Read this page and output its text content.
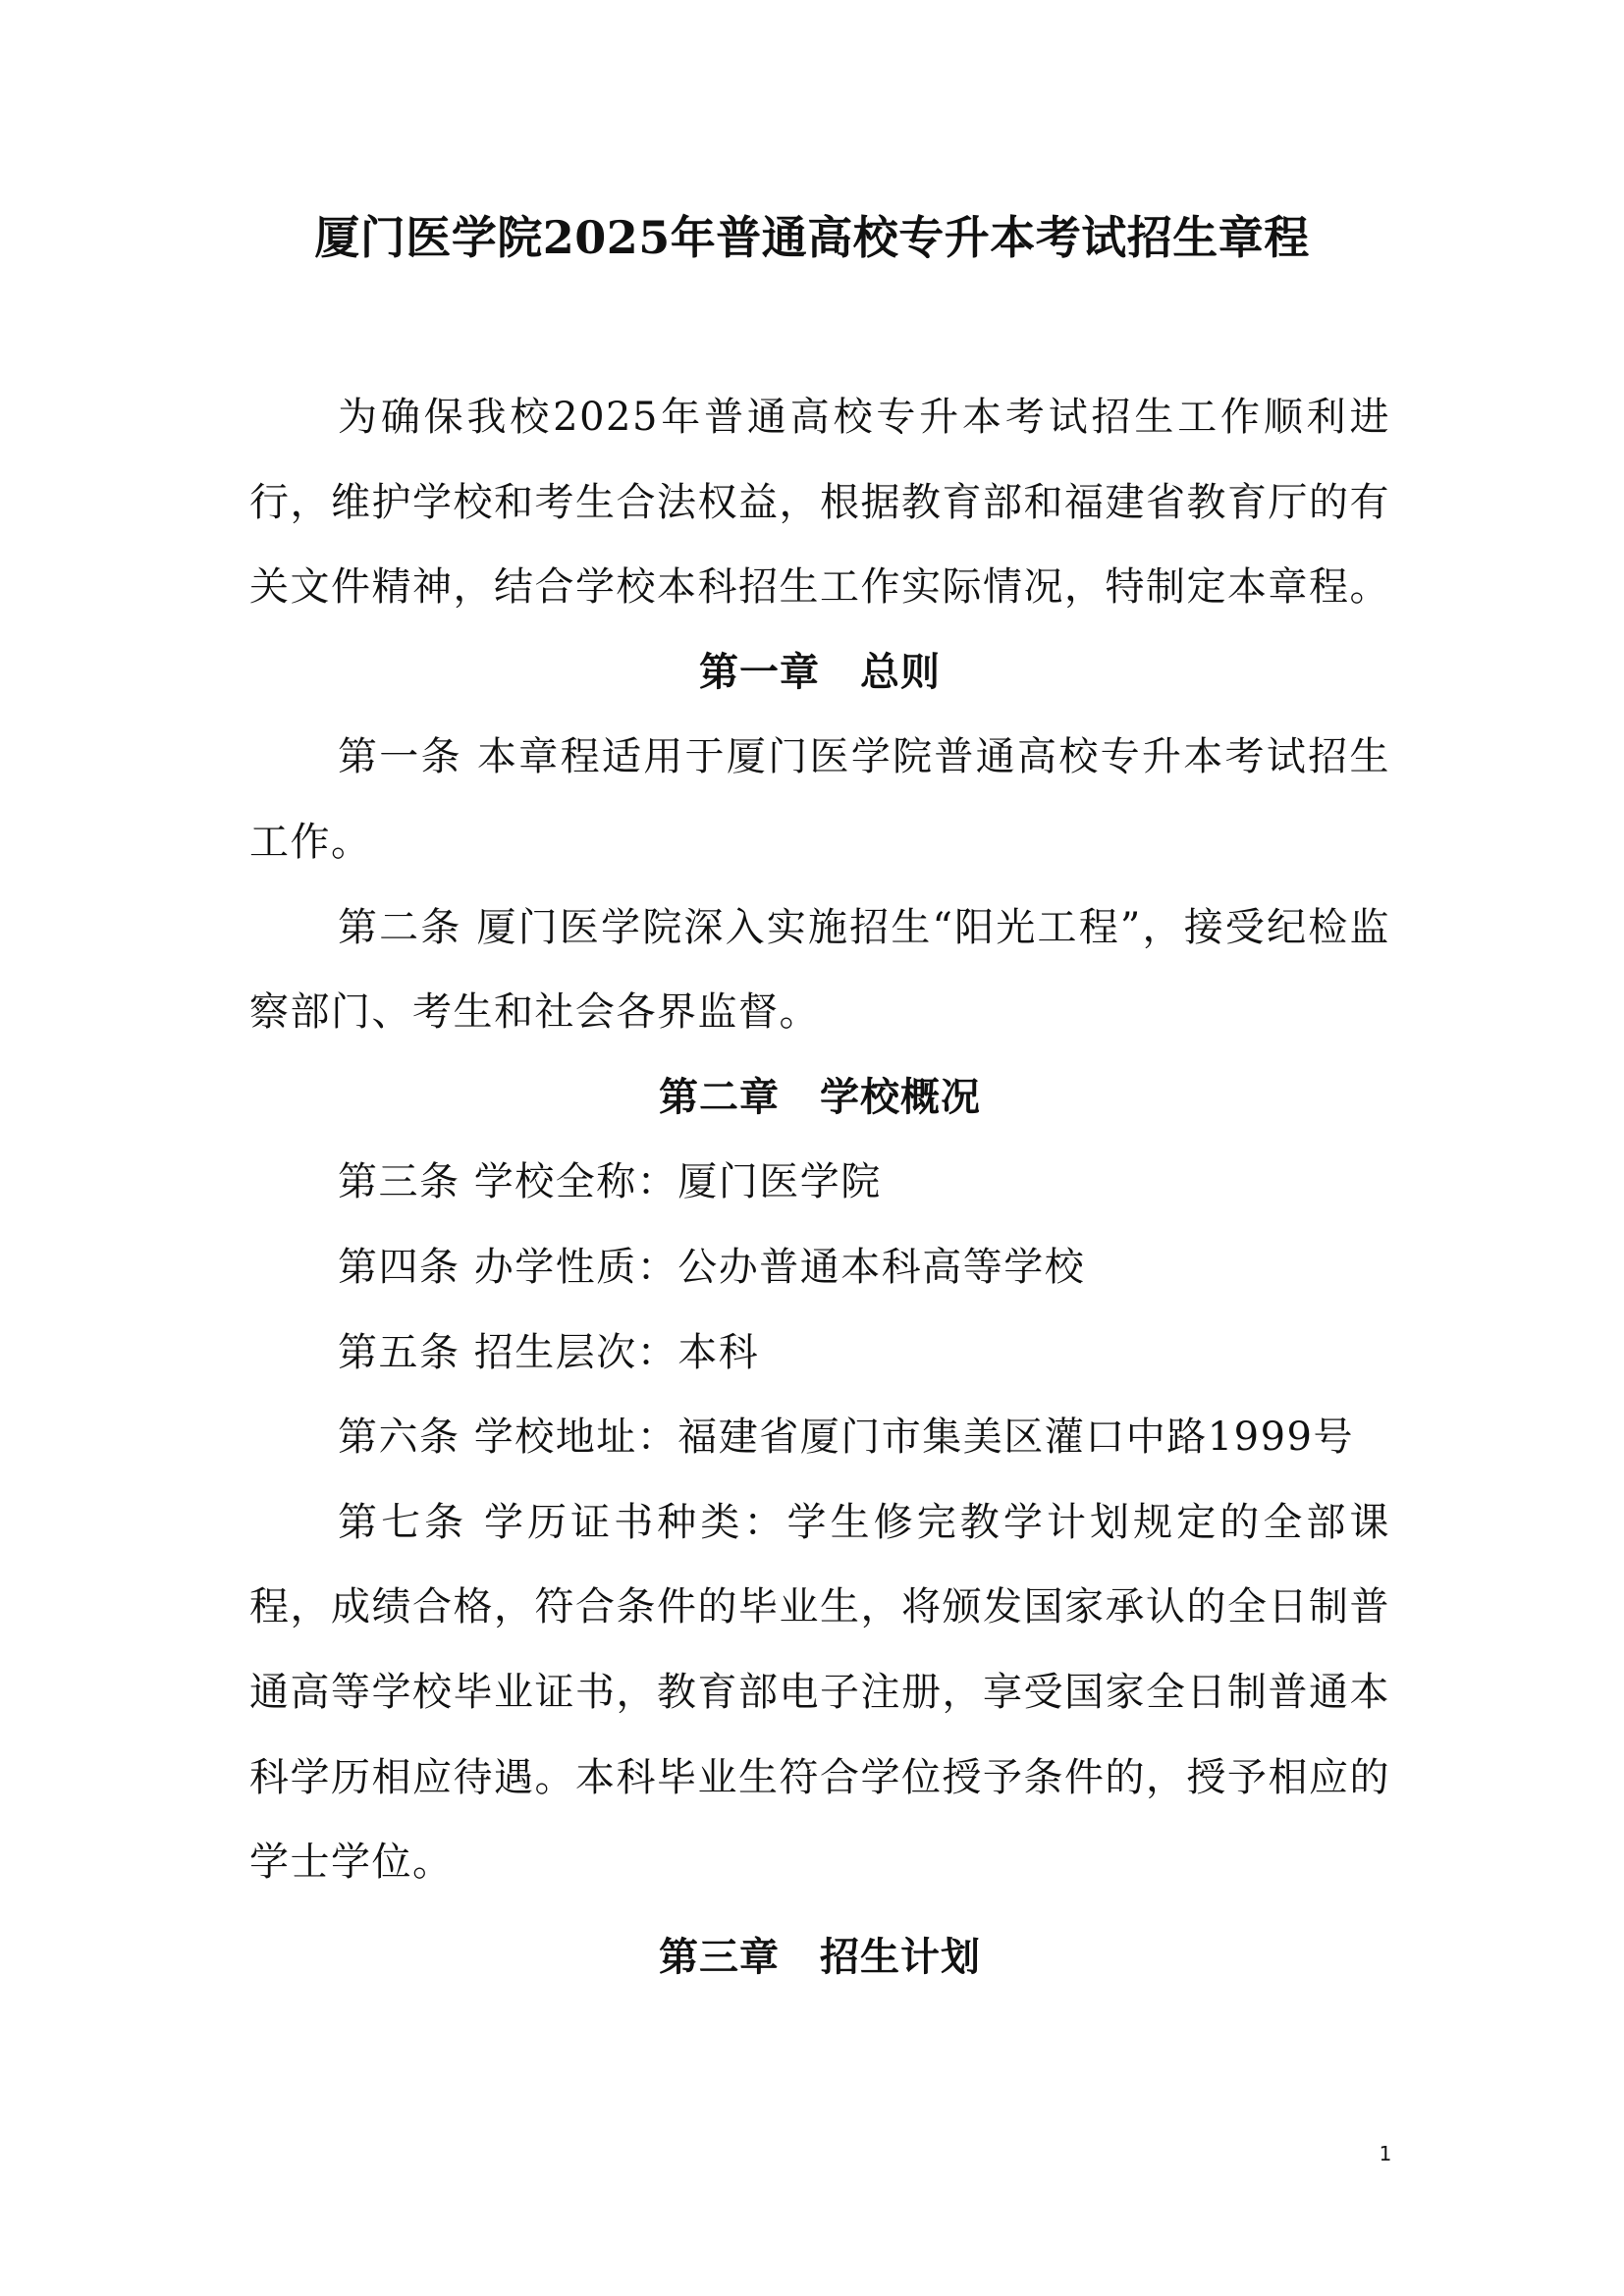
厦门医学院2025年普通高校专升本考试招生章程

为确保我校2025年普通高校专升本考试招生工作顺利进行，维护学校和考生合法权益，根据教育部和福建省教育厅的有关文件精神，结合学校本科招生工作实际情况，特制定本章程。

第一章　总则

第一条 本章程适用于厦门医学院普通高校专升本考试招生工作。

第二条 厦门医学院深入实施招生“阳光工程”，接受纪检监察部门、考生和社会各界监督。

第二章　学校概况

第三条 学校全称：厦门医学院

第四条 办学性质：公办普通本科高等学校

第五条 招生层次：本科

第六条 学校地址：福建省厦门市集美区灌口中路1999号

第七条 学历证书种类：学生修完教学计划规定的全部课程，成绩合格，符合条件的毕业生，将颁发国家承认的全日制普通高等学校毕业证书，教育部电子注册，享受国家全日制普通本科学历相应待遇。本科毕业生符合学位授予条件的，授予相应的学士学位。

第三章　招生计划

1
